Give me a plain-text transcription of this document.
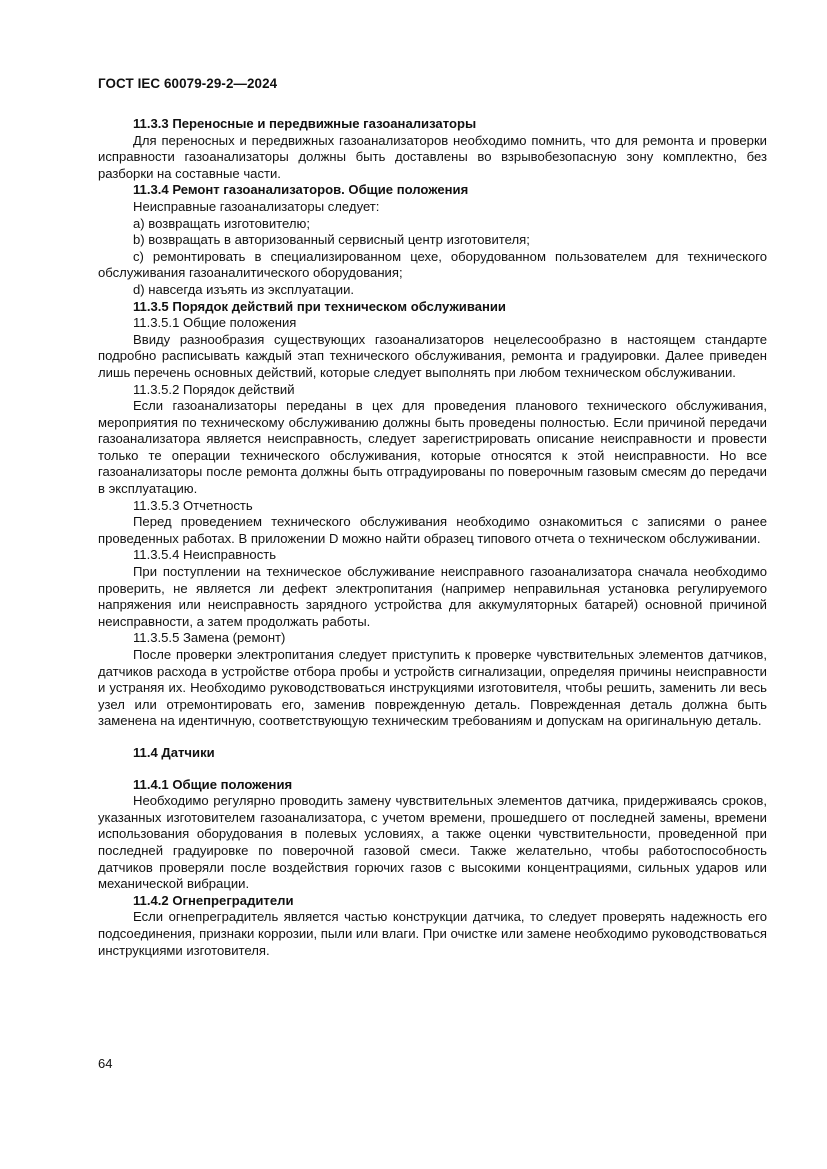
ГОСТ IEC 60079-29-2—2024

11.3.3 Переносные и передвижные газоанализаторы

Для переносных и передвижных газоанализаторов необходимо помнить, что для ремонта и проверки исправности газоанализаторы должны быть доставлены во взрывобезопасную зону комплектно, без разборки на составные части.

11.3.4 Ремонт газоанализаторов. Общие положения

Неисправные газоанализаторы следует:

a) возвращать изготовителю;

b) возвращать в авторизованный сервисный центр изготовителя;

c) ремонтировать в специализированном цехе, оборудованном пользователем для технического обслуживания газоаналитического оборудования;

d) навсегда изъять из эксплуатации.

11.3.5 Порядок действий при техническом обслуживании

11.3.5.1 Общие положения

Ввиду разнообразия существующих газоанализаторов нецелесообразно в настоящем стандарте подробно расписывать каждый этап технического обслуживания, ремонта и градуировки. Далее приведен лишь перечень основных действий, которые следует выполнять при любом техническом обслуживании.

11.3.5.2 Порядок действий

Если газоанализаторы переданы в цех для проведения планового технического обслуживания, мероприятия по техническому обслуживанию должны быть проведены полностью. Если причиной передачи газоанализатора является неисправность, следует зарегистрировать описание неисправности и провести только те операции технического обслуживания, которые относятся к этой неисправности. Но все газоанализаторы после ремонта должны быть отградуированы по поверочным газовым смесям до передачи в эксплуатацию.

11.3.5.3 Отчетность

Перед проведением технического обслуживания необходимо ознакомиться с записями о ранее проведенных работах. В приложении D можно найти образец типового отчета о техническом обслуживании.

11.3.5.4 Неисправность

При поступлении на техническое обслуживание неисправного газоанализатора сначала необходимо проверить, не является ли дефект электропитания (например неправильная установка регулируемого напряжения или неисправность зарядного устройства для аккумуляторных батарей) основной причиной неисправности, а затем продолжать работы.

11.3.5.5 Замена (ремонт)

После проверки электропитания следует приступить к проверке чувствительных элементов датчиков, датчиков расхода в устройстве отбора пробы и устройств сигнализации, определяя причины неисправности и устраняя их. Необходимо руководствоваться инструкциями изготовителя, чтобы решить, заменить ли весь узел или отремонтировать его, заменив поврежденную деталь. Поврежденная деталь должна быть заменена на идентичную, соответствующую техническим требованиям и допускам на оригинальную деталь.

11.4 Датчики

11.4.1 Общие положения

Необходимо регулярно проводить замену чувствительных элементов датчика, придерживаясь сроков, указанных изготовителем газоанализатора, с учетом времени, прошедшего от последней замены, времени использования оборудования в полевых условиях, а также оценки чувствительности, проведенной при последней градуировке по поверочной газовой смеси. Также желательно, чтобы работоспособность датчиков проверяли после воздействия горючих газов с высокими концентрациями, сильных ударов или механической вибрации.

11.4.2 Огнепреградители

Если огнепреградитель является частью конструкции датчика, то следует проверять надежность его подсоединения, признаки коррозии, пыли или влаги. При очистке или замене необходимо руководствоваться инструкциями изготовителя.

64
